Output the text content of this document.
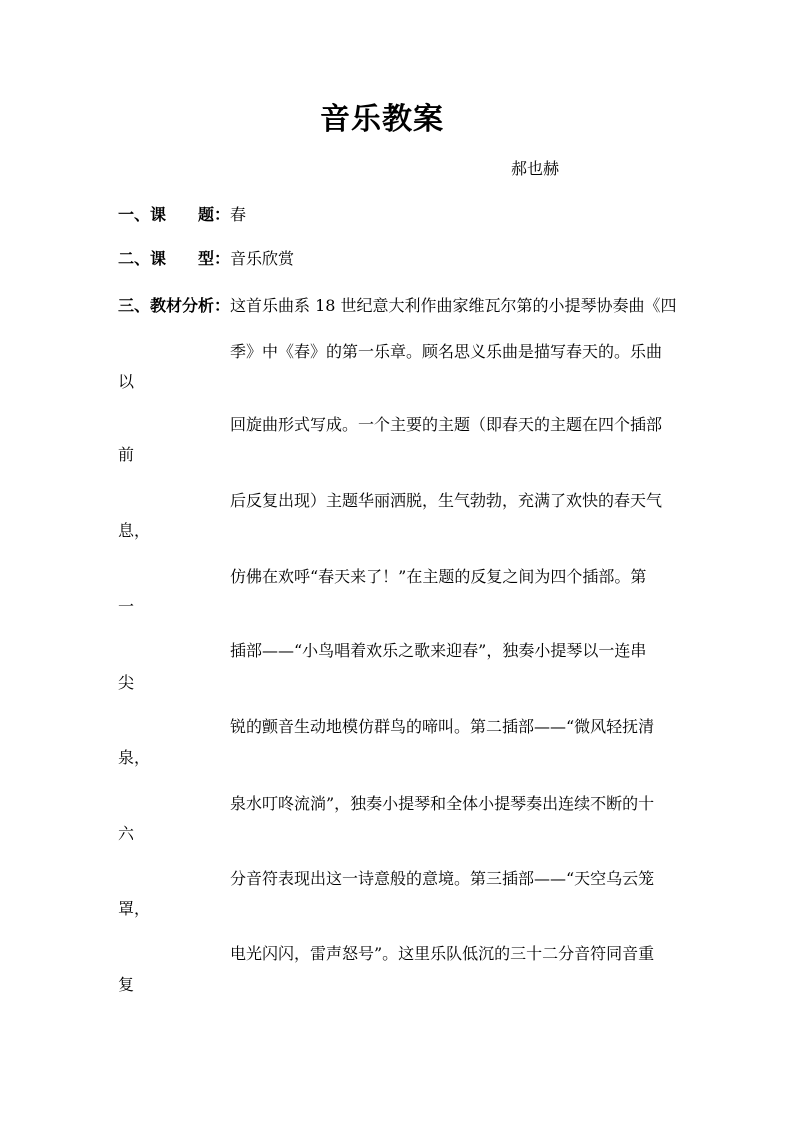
音乐教案
郝也赫
一、课　　题：春
二、课　　型：音乐欣赏
三、教材分析：这首乐曲系 18 世纪意大利作曲家维瓦尔第的小提琴协奏曲《四
季》中《春》的第一乐章。顾名思义乐曲是描写春天的。乐曲
以
回旋曲形式写成。一个主要的主题（即春天的主题在四个插部
前
后反复出现）主题华丽洒脱，生气勃勃，充满了欢快的春天气
息，
仿佛在欢呼“春天来了！”在主题的反复之间为四个插部。第
一
插部——“小鸟唱着欢乐之歌来迎春”，独奏小提琴以一连串
尖
锐的颤音生动地模仿群鸟的啼叫。第二插部——“微风轻抚清
泉，
泉水叮咚流淌”，独奏小提琴和全体小提琴奏出连续不断的十
六
分音符表现出这一诗意般的意境。第三插部——“天空乌云笼
罩，
电光闪闪，雷声怒号”。这里乐队低沉的三十二分音符同音重
复
